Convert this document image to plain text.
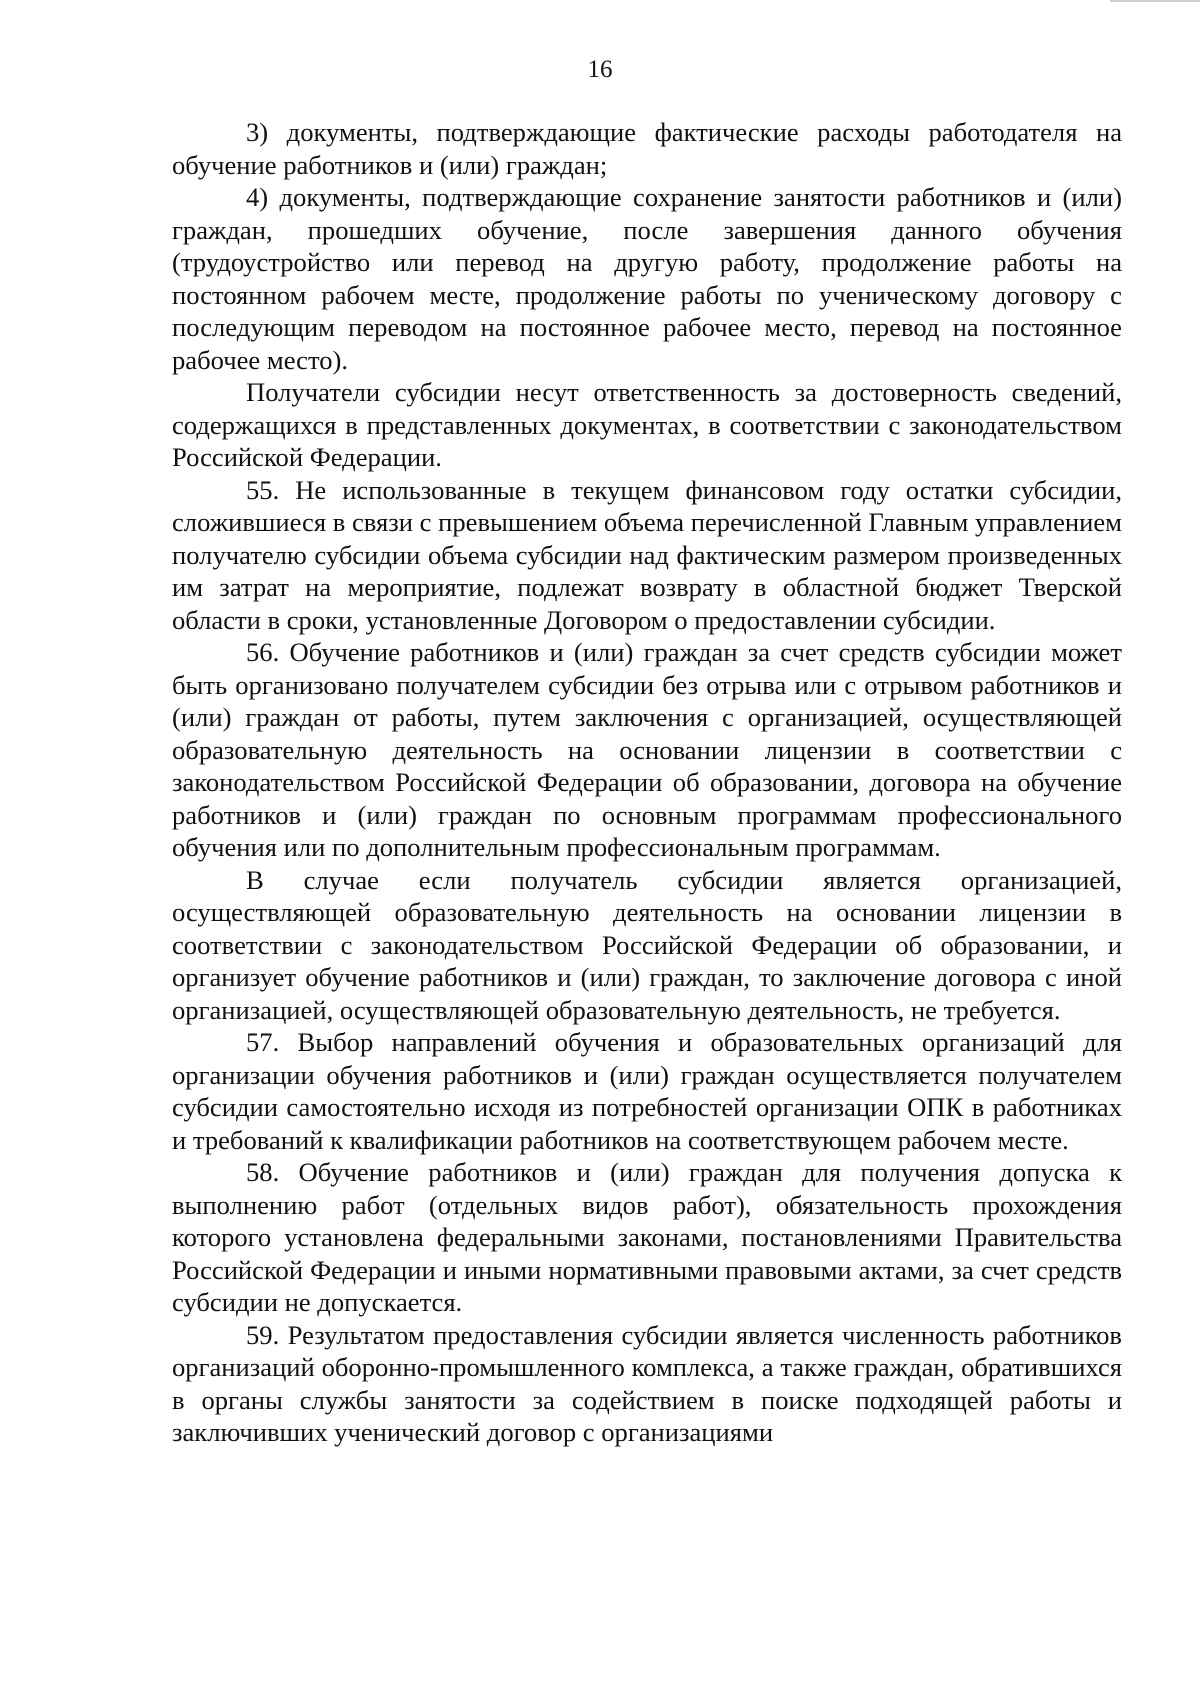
16

3) документы, подтверждающие фактические расходы работодателя на обучение работников и (или) граждан;

4) документы, подтверждающие сохранение занятости работников и (или) граждан, прошедших обучение, после завершения данного обучения (трудоустройство или перевод на другую работу, продолжение работы на постоянном рабочем месте, продолжение работы по ученическому договору с последующим переводом на постоянное рабочее место, перевод на постоянное рабочее место).

Получатели субсидии несут ответственность за достоверность сведений, содержащихся в представленных документах, в соответствии с законодательством Российской Федерации.

55. Не использованные в текущем финансовом году остатки субсидии, сложившиеся в связи с превышением объема перечисленной Главным управлением получателю субсидии объема субсидии над фактическим размером произведенных им затрат на мероприятие, подлежат возврату в областной бюджет Тверской области в сроки, установленные Договором о предоставлении субсидии.

56. Обучение работников и (или) граждан за счет средств субсидии может быть организовано получателем субсидии без отрыва или с отрывом работников и (или) граждан от работы, путем заключения с организацией, осуществляющей образовательную деятельность на основании лицензии в соответствии с законодательством Российской Федерации об образовании, договора на обучение работников и (или) граждан по основным программам профессионального обучения или по дополнительным профессиональным программам.

В случае если получатель субсидии является организацией, осуществляющей образовательную деятельность на основании лицензии в соответствии с законодательством Российской Федерации об образовании, и организует обучение работников и (или) граждан, то заключение договора с иной организацией, осуществляющей образовательную деятельность, не требуется.

57. Выбор направлений обучения и образовательных организаций для организации обучения работников и (или) граждан осуществляется получателем субсидии самостоятельно исходя из потребностей организации ОПК в работниках и требований к квалификации работников на соответствующем рабочем месте.

58. Обучение работников и (или) граждан для получения допуска к выполнению работ (отдельных видов работ), обязательность прохождения которого установлена федеральными законами, постановлениями Правительства Российской Федерации и иными нормативными правовыми актами, за счет средств субсидии не допускается.

59. Результатом предоставления субсидии является численность работников организаций оборонно-промышленного комплекса, а также граждан, обратившихся в органы службы занятости за содействием в поиске подходящей работы и заключивших ученический договор с организациями
